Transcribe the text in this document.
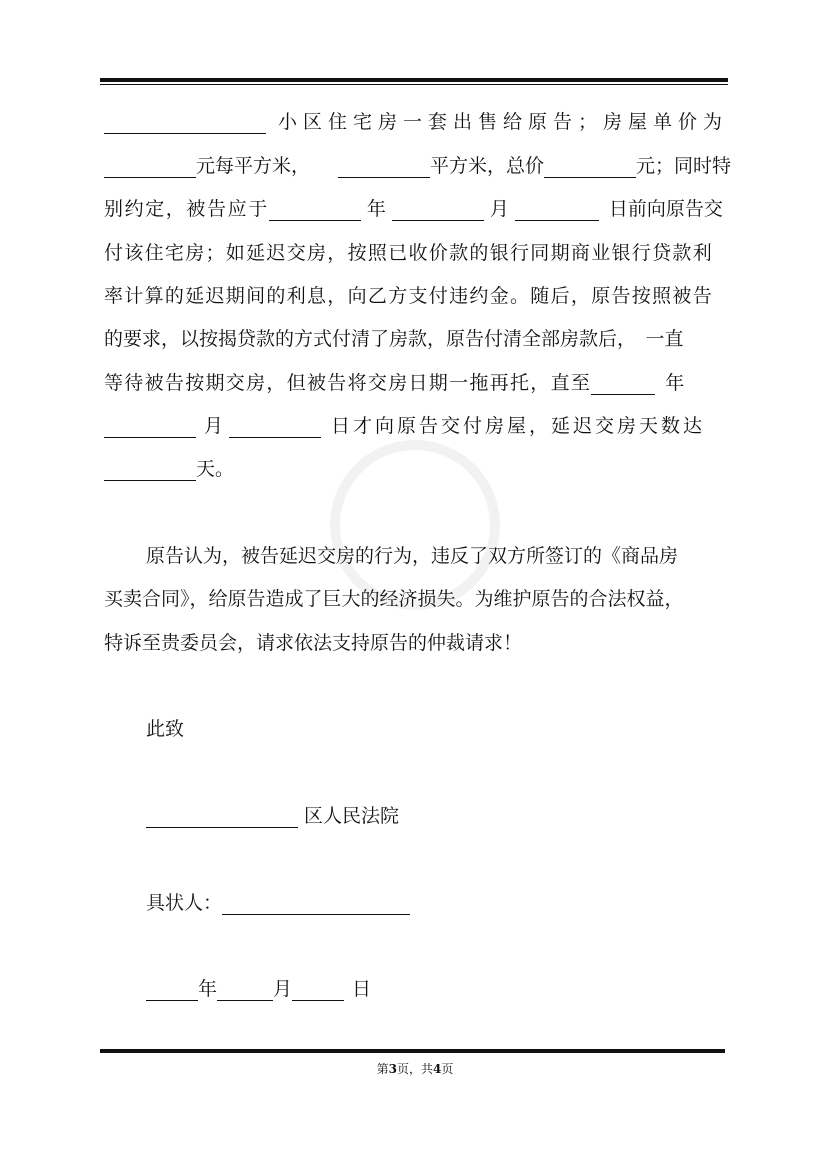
小区住宅房一套出售给原告；房屋单价为
元每平方米，	平方米，总价	元；同时特
别约定，被告应于	年	月	日前向原告交
付该住宅房；如延迟交房，按照已收价款的银行同期商业银行贷款利
率计算的延迟期间的利息，向乙方支付违约金。随后，原告按照被告
的要求，以按揭贷款的方式付清了房款，原告付清全部房款后，　一直
等待被告按期交房，但被告将交房日期一拖再托，直至	年
月	日才向原告交付房屋，延迟交房天数达
天。
原告认为，被告延迟交房的行为，违反了双方所签订的《商品房
买卖合同》，给原告造成了巨大的经济损失。为维护原告的合法权益，
特诉至贵委员会，请求依法支持原告的仲裁请求！
此致
区人民法院
具状人：
年	月	日
第3页，共4页
